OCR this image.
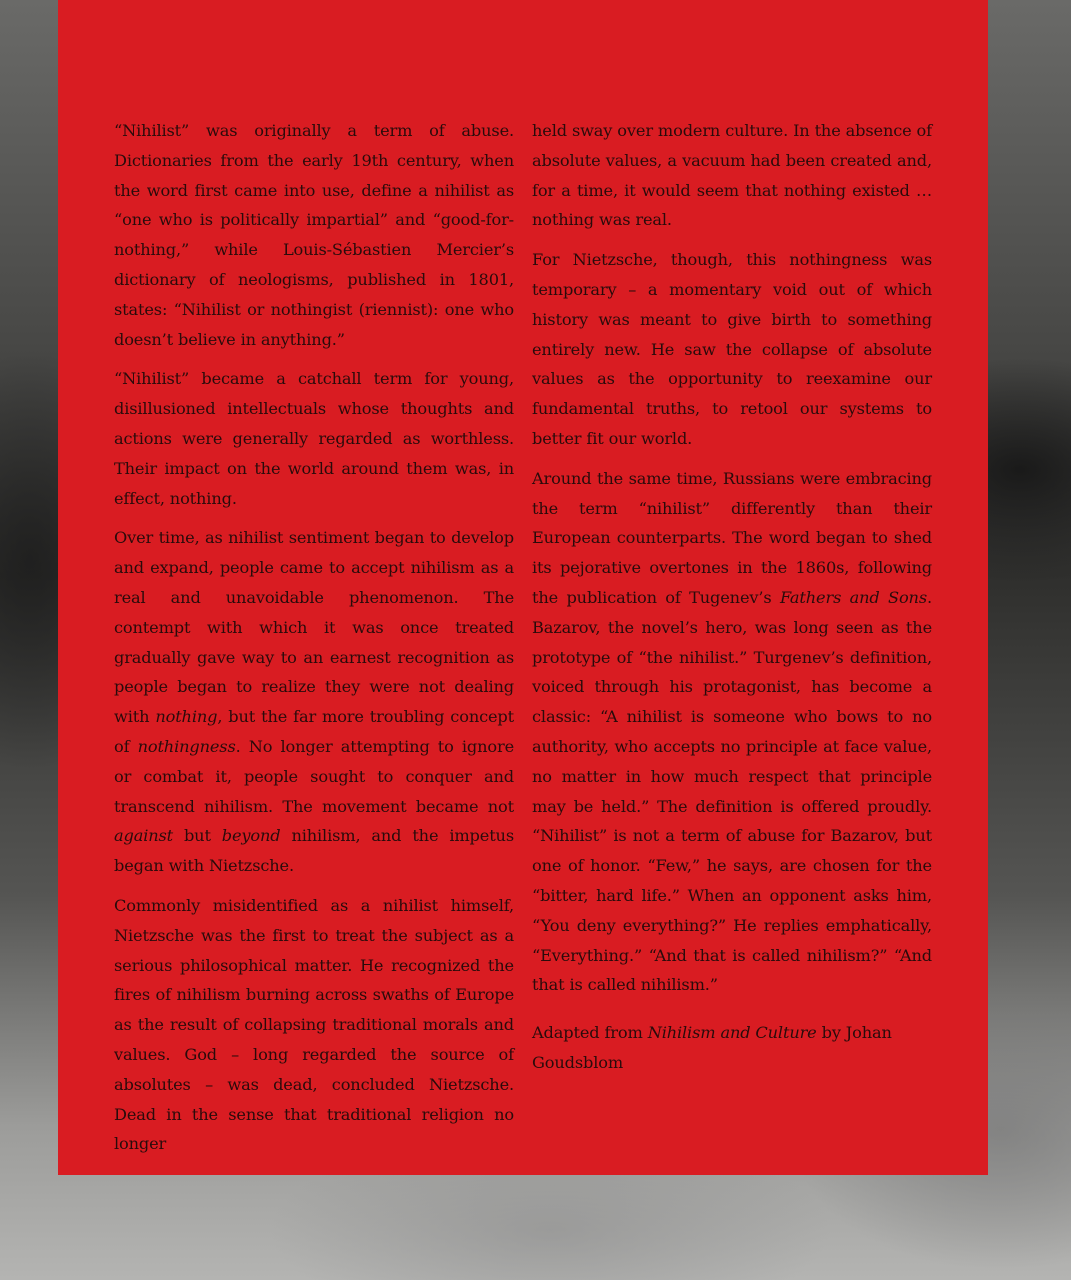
“Nihilist” was originally a term of abuse. Dictionaries from the early 19th century, when the word first came into use, define a nihilist as “one who is politically impartial” and “good-for-nothing,” while Louis-Sébastien Mercier’s dictionary of neologisms, published in 1801, states: “Nihilist or nothingist (riennist): one who doesn’t believe in anything.”

“Nihilist” became a catchall term for young, disillusioned intellectuals whose thoughts and actions were generally regarded as worthless. Their impact on the world around them was, in effect, nothing.

Over time, as nihilist sentiment began to develop and expand, people came to accept nihilism as a real and unavoidable phenomenon. The contempt with which it was once treated gradually gave way to an earnest recognition as people began to realize they were not dealing with nothing, but the far more troubling concept of nothingness. No longer attempting to ignore or combat it, people sought to conquer and transcend nihilism. The movement became not against but beyond nihilism, and the impetus began with Nietzsche.

Commonly misidentified as a nihilist himself, Nietzsche was the first to treat the subject as a serious philosophical matter. He recognized the fires of nihilism burning across swaths of Europe as the result of collapsing traditional morals and values. God – long regarded the source of absolutes – was dead, concluded Nietzsche. Dead in the sense that traditional religion no longer

held sway over modern culture. In the absence of absolute values, a vacuum had been created and, for a time, it would seem that nothing existed … nothing was real.

For Nietzsche, though, this nothingness was temporary – a momentary void out of which history was meant to give birth to something entirely new. He saw the collapse of absolute values as the opportunity to reexamine our fundamental truths, to retool our systems to better fit our world.

Around the same time, Russians were embracing the term “nihilist” differently than their European counterparts. The word began to shed its pejorative overtones in the 1860s, following the publication of Tugenev’s Fathers and Sons. Bazarov, the novel’s hero, was long seen as the prototype of “the nihilist.” Turgenev’s definition, voiced through his protagonist, has become a classic: “A nihilist is someone who bows to no authority, who accepts no principle at face value, no matter in how much respect that principle may be held.” The definition is offered proudly. “Nihilist” is not a term of abuse for Bazarov, but one of honor. “Few,” he says, are chosen for the “bitter, hard life.” When an opponent asks him, “You deny everything?” He replies emphatically, “Everything.” “And that is called nihilism?” “And that is called nihilism.”

Adapted from Nihilism and Culture by Johan Goudsblom
